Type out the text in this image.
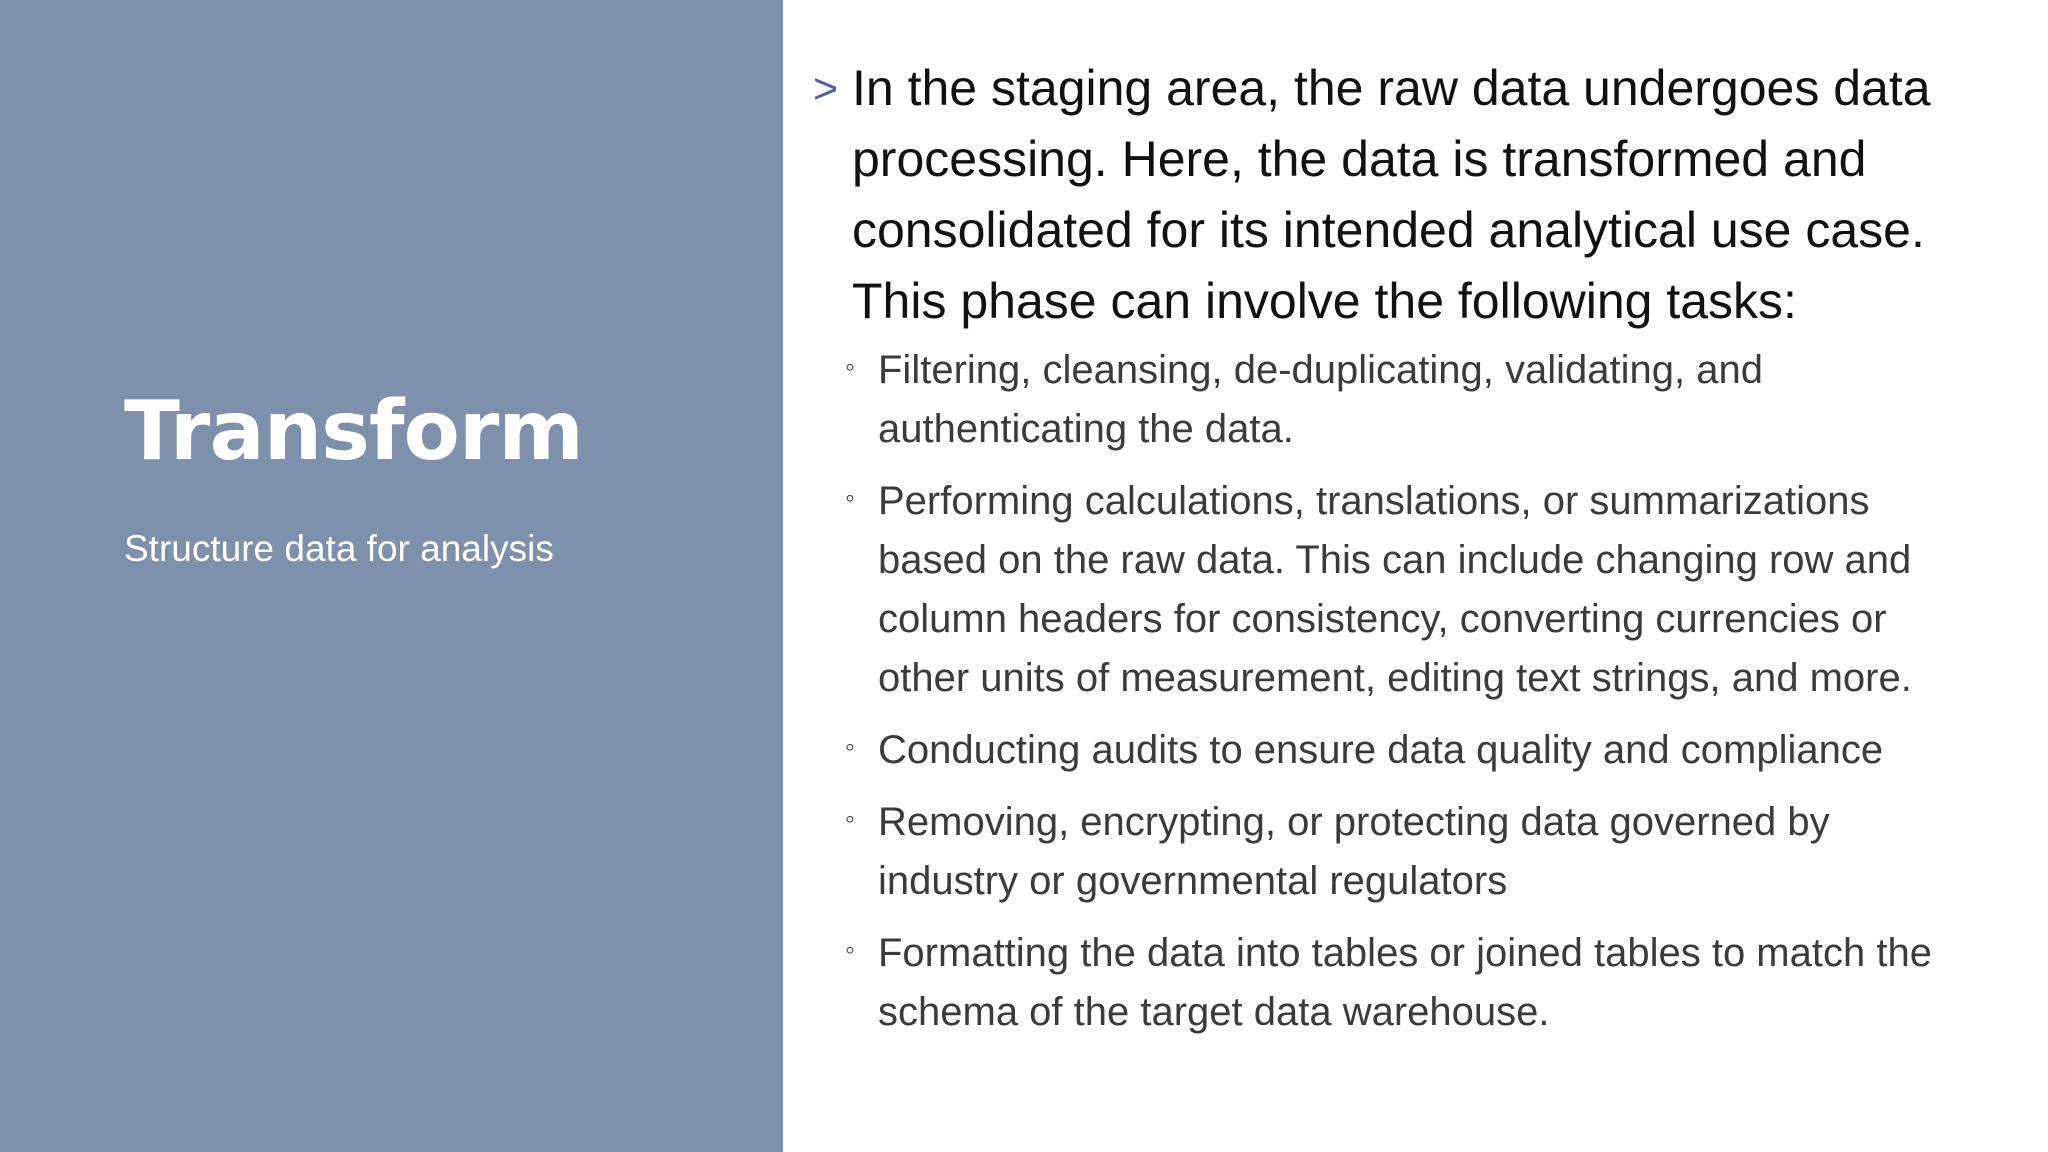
Transform

Structure data for analysis

> In the staging area, the raw data undergoes data
processing. Here, the data is transformed and
consolidated for its intended analytical use case.
This phase can involve the following tasks:

◦ Filtering, cleansing, de-duplicating, validating, and
authenticating the data.

◦ Performing calculations, translations, or summarizations
based on the raw data. This can include changing row and
column headers for consistency, converting currencies or
other units of measurement, editing text strings, and more.

◦ Conducting audits to ensure data quality and compliance

◦ Removing, encrypting, or protecting data governed by
industry or governmental regulators

◦ Formatting the data into tables or joined tables to match the
schema of the target data warehouse.
